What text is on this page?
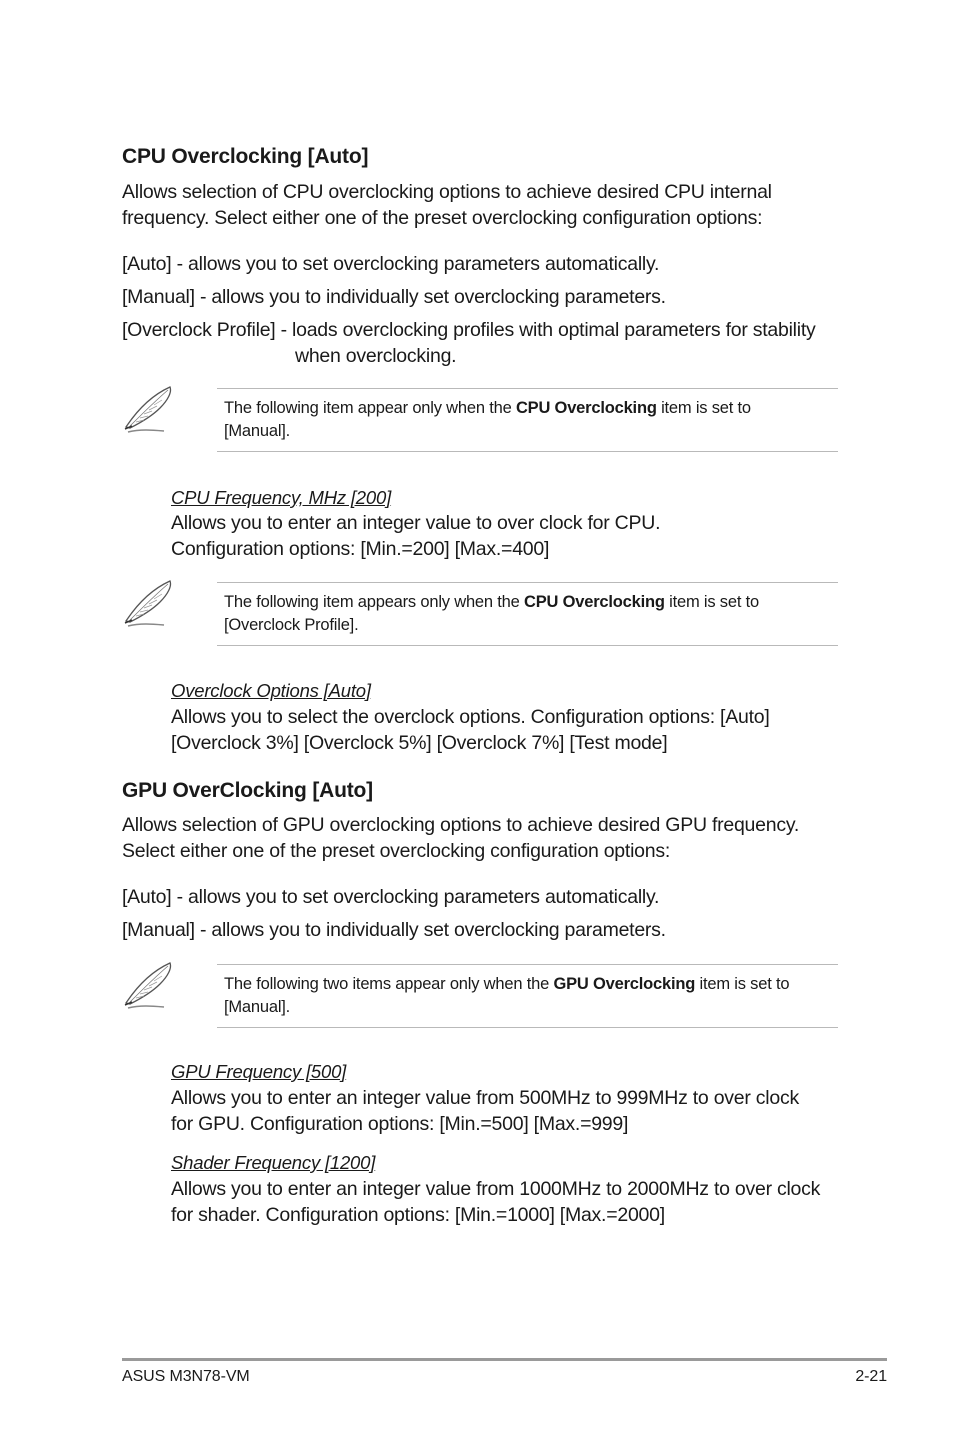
CPU Overclocking [Auto]
Allows selection of CPU overclocking options to achieve desired CPU internal
frequency. Select either one of the preset overclocking configuration options:
[Auto] - allows you to set overclocking parameters automatically.
[Manual] - allows you to individually set overclocking parameters.
[Overclock Profile] - loads overclocking profiles with optimal parameters for stability
when overclocking.
The following item appear only when the CPU Overclocking item is set to
[Manual].
CPU Frequency, MHz [200]
Allows you to enter an integer value to over clock for CPU.
Configuration options: [Min.=200] [Max.=400]
The following item appears only when the CPU Overclocking item is set to
[Overclock Profile].
Overclock Options [Auto]
Allows you to select the overclock options. Configuration options: [Auto]
[Overclock 3%] [Overclock 5%] [Overclock 7%] [Test mode]
GPU OverClocking [Auto]
Allows selection of GPU overclocking options to achieve desired GPU frequency.
Select either one of the preset overclocking configuration options:
[Auto] - allows you to set overclocking parameters automatically.
[Manual] - allows you to individually set overclocking parameters.
The following two items appear only when the GPU Overclocking item is set to
[Manual].
GPU Frequency [500]
Allows you to enter an integer value from 500MHz to 999MHz to over clock
for GPU. Configuration options: [Min.=500] [Max.=999]
Shader Frequency [1200]
Allows you to enter an integer value from 1000MHz to 2000MHz to over clock
for shader. Configuration options: [Min.=1000] [Max.=2000]
ASUS M3N78-VM	2-21
